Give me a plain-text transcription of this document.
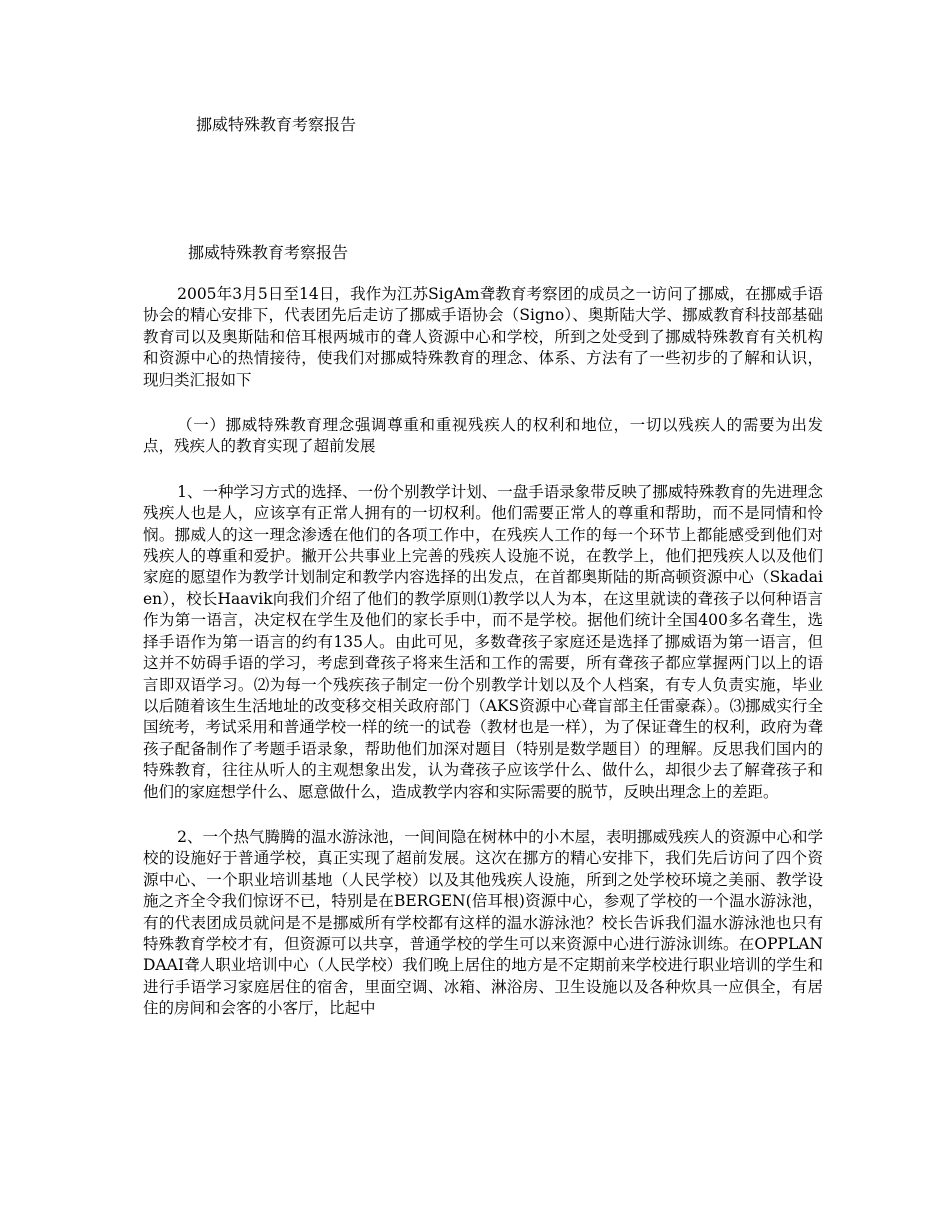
挪威特殊教育考察报告
挪威特殊教育考察报告

2005年3月5日至14日，我作为江苏SigAm聋教育考察团的成员之一访问了挪威，在挪威手语协会的精心安排下，代表团先后走访了挪威手语协会（Signo）、奥斯陆大学、挪威教育科技部基础教育司以及奥斯陆和倍耳根两城市的聋人资源中心和学校，所到之处受到了挪威特殊教育有关机构和资源中心的热情接待，使我们对挪威特殊教育的理念、体系、方法有了一些初步的了解和认识，现归类汇报如下

（一）挪威特殊教育理念强调尊重和重视残疾人的权利和地位，一切以残疾人的需要为出发点，残疾人的教育实现了超前发展

1、一种学习方式的选择、一份个别教学计划、一盘手语录象带反映了挪威特殊教育的先进理念残疾人也是人，应该享有正常人拥有的一切权利。他们需要正常人的尊重和帮助，而不是同情和怜悯。挪威人的这一理念渗透在他们的各项工作中，在残疾人工作的每一个环节上都能感受到他们对残疾人的尊重和爱护。撇开公共事业上完善的残疾人设施不说，在教学上，他们把残疾人以及他们家庭的愿望作为教学计划制定和教学内容选择的出发点，在首都奥斯陆的斯高顿资源中心（Skadaien），校长Haavik向我们介绍了他们的教学原则⑴教学以人为本，在这里就读的聋孩子以何种语言作为第一语言，决定权在学生及他们的家长手中，而不是学校。据他们统计全国400多名聋生，选择手语作为第一语言的约有135人。由此可见，多数聋孩子家庭还是选择了挪威语为第一语言，但这并不妨碍手语的学习，考虑到聋孩子将来生活和工作的需要，所有聋孩子都应掌握两门以上的语言即双语学习。⑵为每一个残疾孩子制定一份个别教学计划以及个人档案，有专人负责实施，毕业以后随着该生生活地址的改变移交相关政府部门（AKS资源中心聋盲部主任雷豪森）。⑶挪威实行全国统考，考试采用和普通学校一样的统一的试卷（教材也是一样），为了保证聋生的权利，政府为聋孩子配备制作了考题手语录象，帮助他们加深对题目（特别是数学题目）的理解。反思我们国内的特殊教育，往往从听人的主观想象出发，认为聋孩子应该学什么、做什么，却很少去了解聋孩子和他们的家庭想学什么、愿意做什么，造成教学内容和实际需要的脱节，反映出理念上的差距。

2、一个热气腾腾的温水游泳池，一间间隐在树林中的小木屋，表明挪威残疾人的资源中心和学校的设施好于普通学校，真正实现了超前发展。这次在挪方的精心安排下，我们先后访问了四个资源中心、一个职业培训基地（人民学校）以及其他残疾人设施，所到之处学校环境之美丽、教学设施之齐全令我们惊讶不已，特别是在BERGEN(倍耳根)资源中心，参观了学校的一个温水游泳池，有的代表团成员就问是不是挪威所有学校都有这样的温水游泳池？校长告诉我们温水游泳池也只有特殊教育学校才有，但资源可以共享，普通学校的学生可以来资源中心进行游泳训练。在OPPLANDAAI聋人职业培训中心（人民学校）我们晚上居住的地方是不定期前来学校进行职业培训的学生和进行手语学习家庭居住的宿舍，里面空调、冰箱、淋浴房、卫生设施以及各种炊具一应俱全，有居住的房间和会客的小客厅，比起中
